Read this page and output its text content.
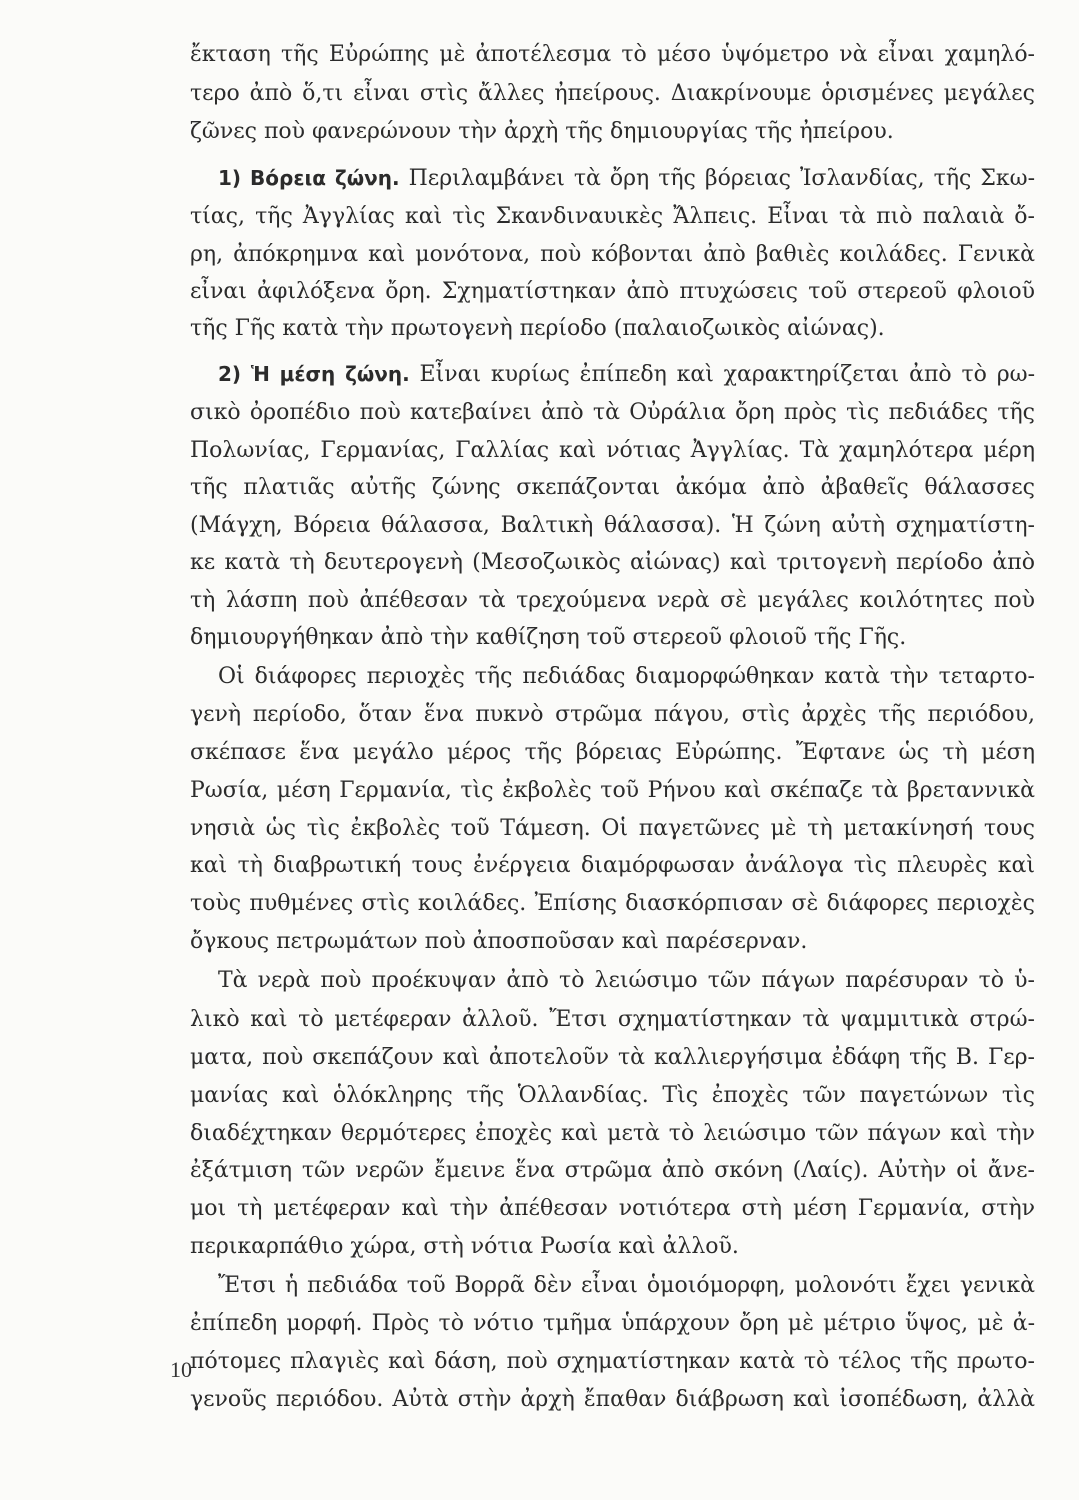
ἔκταση τῆς Εὐρώπης μὲ ἀποτέλεσμα τὸ μέσο ὑψόμετρο νὰ εἶναι χαμηλό-
τερο ἀπὸ ὅ,τι εἶναι στὶς ἄλλες ἠπείρους. Διακρίνουμε ὁρισμένες μεγάλες
ζῶνες ποὺ φανερώνουν τὴν ἀρχὴ τῆς δημιουργίας τῆς ἠπείρου.
1) Βόρεια ζώνη. Περιλαμβάνει τὰ ὄρη τῆς βόρειας Ἰσλανδίας, τῆς Σκω-
τίας, τῆς Ἀγγλίας καὶ τὶς Σκανδιναυικὲς Ἄλπεις. Εἶναι τὰ πιὸ παλαιὰ ὄ-
ρη, ἀπόκρημνα καὶ μονότονα, ποὺ κόβονται ἀπὸ βαθιὲς κοιλάδες. Γενικὰ
εἶναι ἀφιλόξενα ὄρη. Σχηματίστηκαν ἀπὸ πτυχώσεις τοῦ στερεοῦ φλοιοῦ
τῆς Γῆς κατὰ τὴν πρωτογενὴ περίοδο (παλαιοζωικὸς αἰώνας).
2) Ἡ μέση ζώνη. Εἶναι κυρίως ἐπίπεδη καὶ χαρακτηρίζεται ἀπὸ τὸ ρω-
σικὸ ὀροπέδιο ποὺ κατεβαίνει ἀπὸ τὰ Οὐράλια ὄρη πρὸς τὶς πεδιάδες τῆς
Πολωνίας, Γερμανίας, Γαλλίας καὶ νότιας Ἀγγλίας. Τὰ χαμηλότερα μέρη
τῆς πλατιᾶς αὐτῆς ζώνης σκεπάζονται ἀκόμα ἀπὸ ἀβαθεῖς θάλασσες
(Μάγχη, Βόρεια θάλασσα, Βαλτικὴ θάλασσα). Ἡ ζώνη αὐτὴ σχηματίστη-
κε κατὰ τὴ δευτερογενὴ (Μεσοζωικὸς αἰώνας) καὶ τριτογενὴ περίοδο ἀπὸ
τὴ λάσπη ποὺ ἀπέθεσαν τὰ τρεχούμενα νερὰ σὲ μεγάλες κοιλότητες ποὺ
δημιουργήθηκαν ἀπὸ τὴν καθίζηση τοῦ στερεοῦ φλοιοῦ τῆς Γῆς.
Οἱ διάφορες περιοχὲς τῆς πεδιάδας διαμορφώθηκαν κατὰ τὴν τεταρτο-
γενὴ περίοδο, ὅταν ἕνα πυκνὸ στρῶμα πάγου, στὶς ἀρχὲς τῆς περιόδου,
σκέπασε ἕνα μεγάλο μέρος τῆς βόρειας Εὐρώπης. Ἔφτανε ὡς τὴ μέση
Ρωσία, μέση Γερμανία, τὶς ἐκβολὲς τοῦ Ρήνου καὶ σκέπαζε τὰ βρεταννικὰ
νησιὰ ὡς τὶς ἐκβολὲς τοῦ Τάμεση. Οἱ παγετῶνες μὲ τὴ μετακίνησή τους
καὶ τὴ διαβρωτική τους ἐνέργεια διαμόρφωσαν ἀνάλογα τὶς πλευρὲς καὶ
τοὺς πυθμένες στὶς κοιλάδες. Ἐπίσης διασκόρπισαν σὲ διάφορες περιοχὲς
ὄγκους πετρωμάτων ποὺ ἀποσποῦσαν καὶ παρέσερναν.
Τὰ νερὰ ποὺ προέκυψαν ἀπὸ τὸ λειώσιμο τῶν πάγων παρέσυραν τὸ ὑ-
λικὸ καὶ τὸ μετέφεραν ἀλλοῦ. Ἔτσι σχηματίστηκαν τὰ ψαμμιτικὰ στρώ-
ματα, ποὺ σκεπάζουν καὶ ἀποτελοῦν τὰ καλλιεργήσιμα ἐδάφη τῆς Β. Γερ-
μανίας καὶ ὁλόκληρης τῆς Ὁλλανδίας. Τὶς ἐποχὲς τῶν παγετώνων τὶς
διαδέχτηκαν θερμότερες ἐποχὲς καὶ μετὰ τὸ λειώσιμο τῶν πάγων καὶ τὴν
ἐξάτμιση τῶν νερῶν ἔμεινε ἕνα στρῶμα ἀπὸ σκόνη (Λαίς). Αὐτὴν οἱ ἄνε-
μοι τὴ μετέφεραν καὶ τὴν ἀπέθεσαν νοτιότερα στὴ μέση Γερμανία, στὴν
περικαρπάθιο χώρα, στὴ νότια Ρωσία καὶ ἀλλοῦ.
Ἔτσι ἡ πεδιάδα τοῦ Βορρᾶ δὲν εἶναι ὁμοιόμορφη, μολονότι ἔχει γενικὰ
ἐπίπεδη μορφή. Πρὸς τὸ νότιο τμῆμα ὑπάρχουν ὄρη μὲ μέτριο ὕψος, μὲ ἀ-
πότομες πλαγιὲς καὶ δάση, ποὺ σχηματίστηκαν κατὰ τὸ τέλος τῆς πρωτο-
γενοῦς περιόδου. Αὐτὰ στὴν ἀρχὴ ἔπαθαν διάβρωση καὶ ἰσοπέδωση, ἀλλὰ
10
